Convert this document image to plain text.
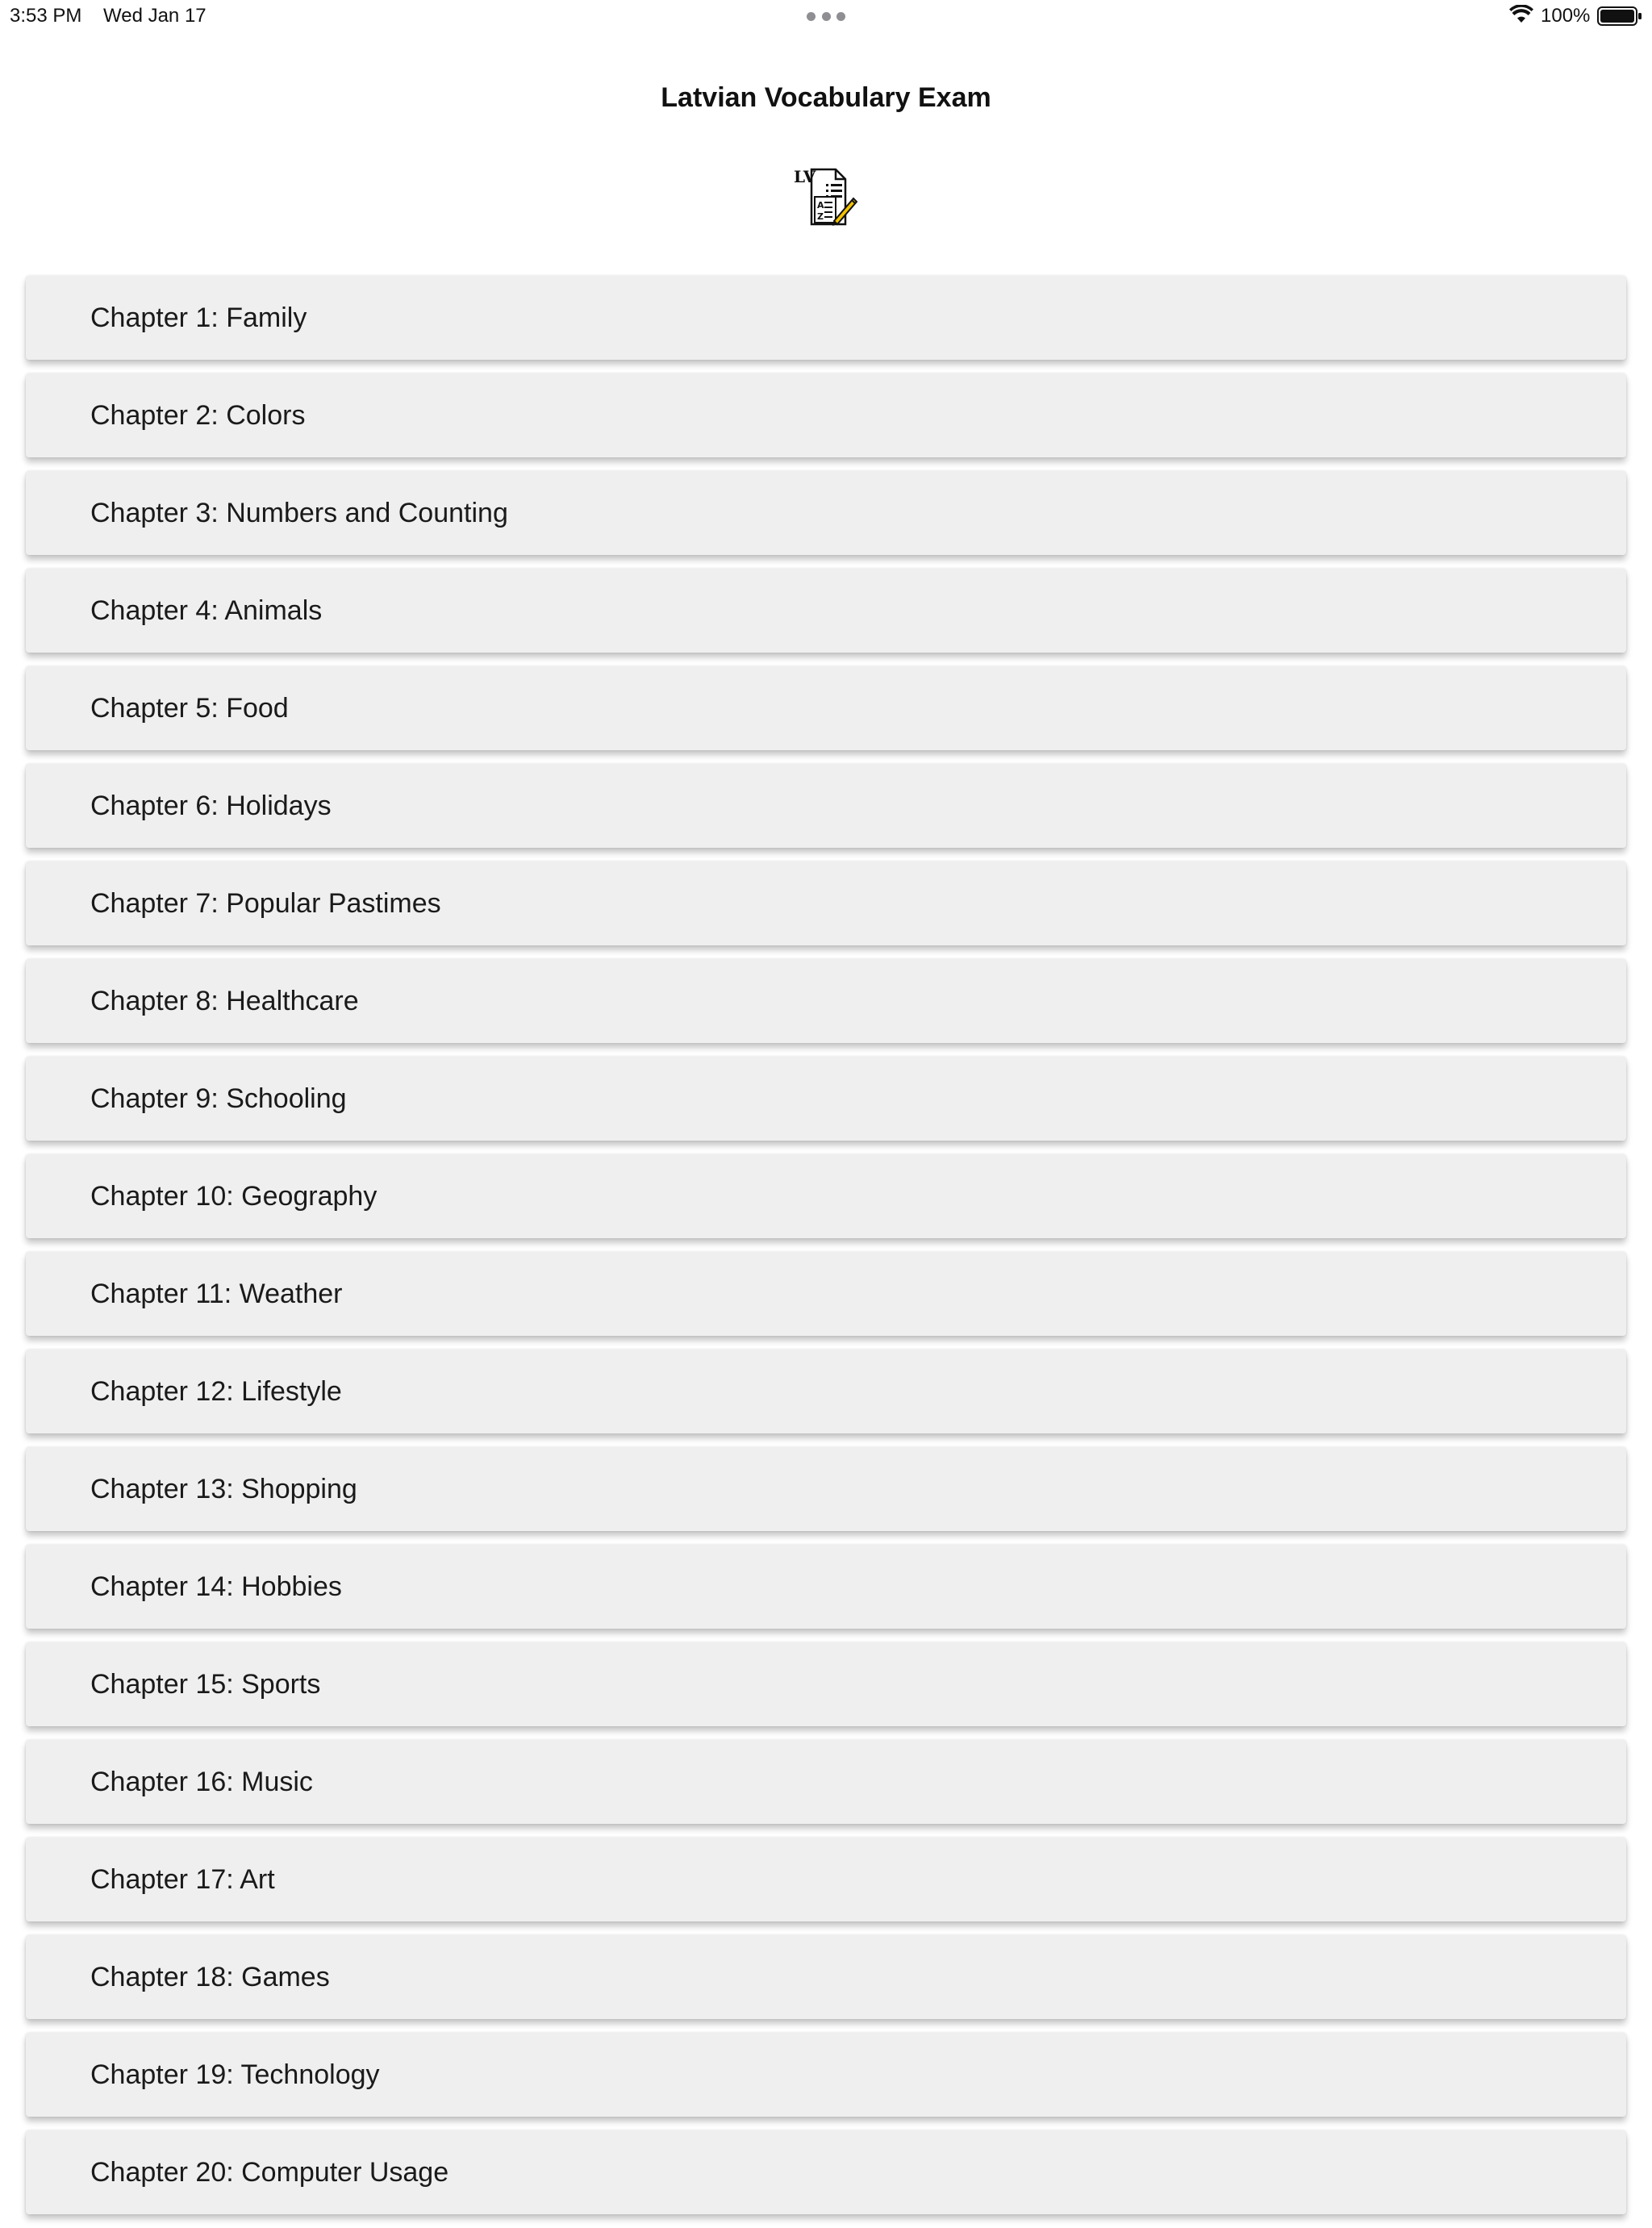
3:53 PM Wed Jan 17	100%
Latvian Vocabulary Exam
LV
A
Z
Chapter 1: Family
Chapter 2: Colors
Chapter 3: Numbers and Counting
Chapter 4: Animals
Chapter 5: Food
Chapter 6: Holidays
Chapter 7: Popular Pastimes
Chapter 8: Healthcare
Chapter 9: Schooling
Chapter 10: Geography
Chapter 11: Weather
Chapter 12: Lifestyle
Chapter 13: Shopping
Chapter 14: Hobbies
Chapter 15: Sports
Chapter 16: Music
Chapter 17: Art
Chapter 18: Games
Chapter 19: Technology
Chapter 20: Computer Usage
